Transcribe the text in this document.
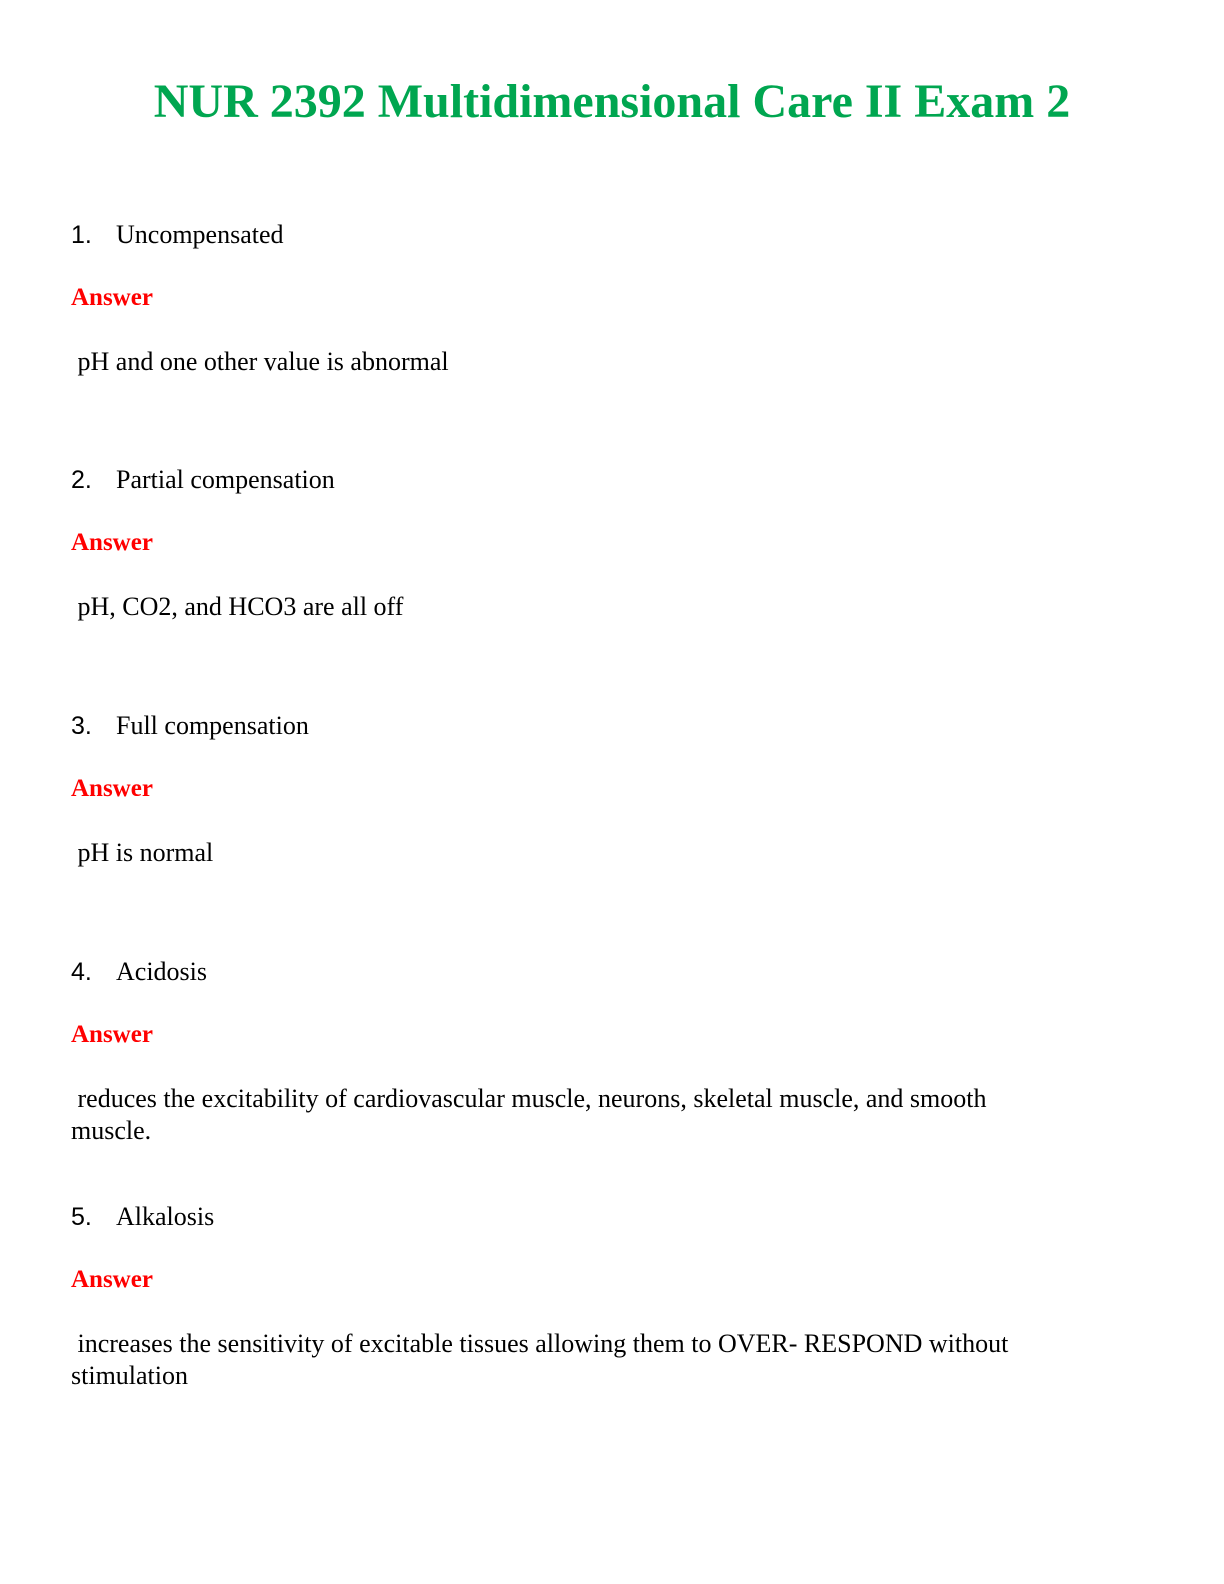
NUR 2392 Multidimensional Care II Exam 2
1. Uncompensated
Answer
pH and one other value is abnormal
2. Partial compensation
Answer
pH, CO2, and HCO3 are all off
3. Full compensation
Answer
pH is normal
4. Acidosis
Answer
reduces the excitability of cardiovascular muscle, neurons, skeletal muscle, and smooth muscle.
5. Alkalosis
Answer
increases the sensitivity of excitable tissues allowing them to OVER- RESPOND without
stimulation
